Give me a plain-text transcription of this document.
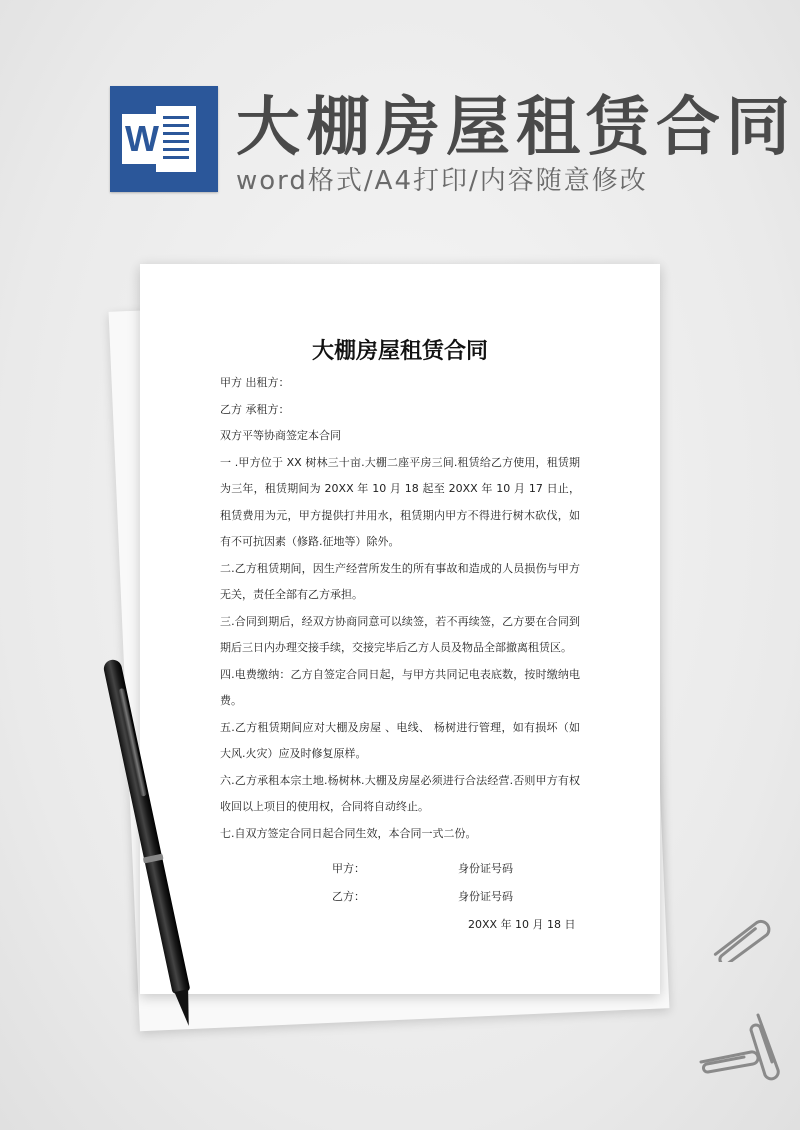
​
W 大棚房屋租赁合同
word格式/A4打印/内容随意修改
大棚房屋租赁合同

甲方 出租方：

乙方 承租方：

双方平等协商签定本合同

一 .甲方位于 XX 树林三十亩.大棚二座平房三间.租赁给乙方使用，租赁期为三年，租赁期间为 20XX 年 10 月 18 起至 20XX 年 10 月 17 日止，租赁费用为元，甲方提供打井用水，租赁期内甲方不得进行树木砍伐，如有不可抗因素（修路.征地等）除外。

二.乙方租赁期间，因生产经营所发生的所有事故和造成的人员损伤与甲方无关，责任全部有乙方承担。

三.合同到期后，经双方协商同意可以续签，若不再续签，乙方要在合同到期后三日内办理交接手续，交接完毕后乙方人员及物品全部撤离租赁区。

四.电费缴纳：乙方自签定合同日起，与甲方共同记电表底数，按时缴纳电费。

五.乙方租赁期间应对大棚及房屋 、电线、 杨树进行管理，如有损坏（如大风.火灾）应及时修复原样。

六.乙方承租本宗土地.杨树林.大棚及房屋必须进行合法经营.否则甲方有权收回以上项目的使用权，合同将自动终止。

七.自双方签定合同日起合同生效，本合同一式二份。

甲方：	身份证号码
乙方：	身份证号码
20XX 年 10 月 18 日
